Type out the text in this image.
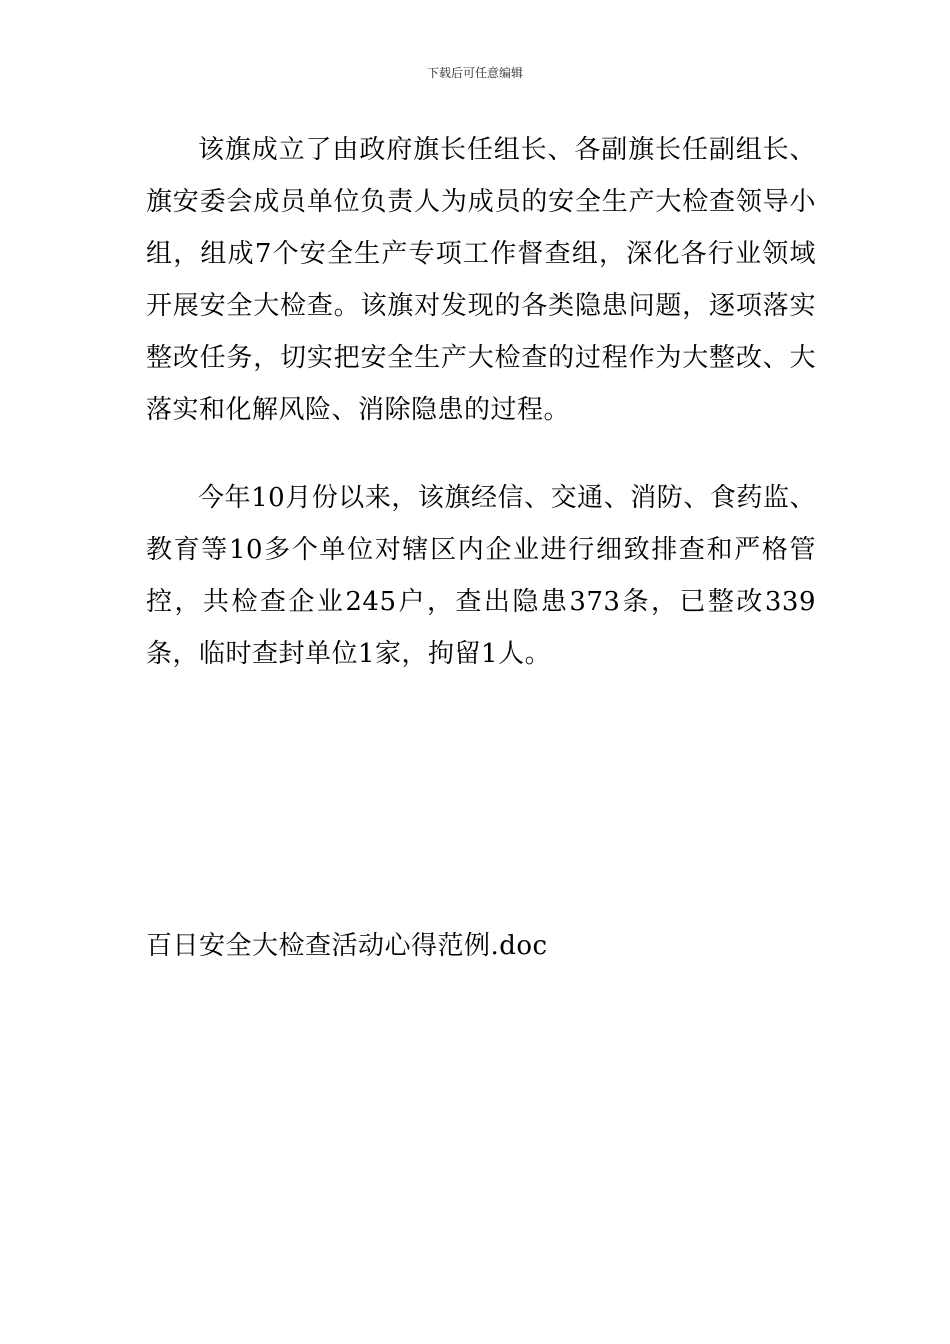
下载后可任意编辑

该旗成立了由政府旗长任组长、各副旗长任副组长、旗安委会成员单位负责人为成员的安全生产大检查领导小组，组成7个安全生产专项工作督查组，深化各行业领域开展安全大检查。该旗对发现的各类隐患问题，逐项落实整改任务，切实把安全生产大检查的过程作为大整改、大落实和化解风险、消除隐患的过程。

今年10月份以来，该旗经信、交通、消防、食药监、教育等10多个单位对辖区内企业进行细致排查和严格管控，共检查企业245户，查出隐患373条，已整改339条，临时查封单位1家，拘留1人。

百日安全大检查活动心得范例.doc
